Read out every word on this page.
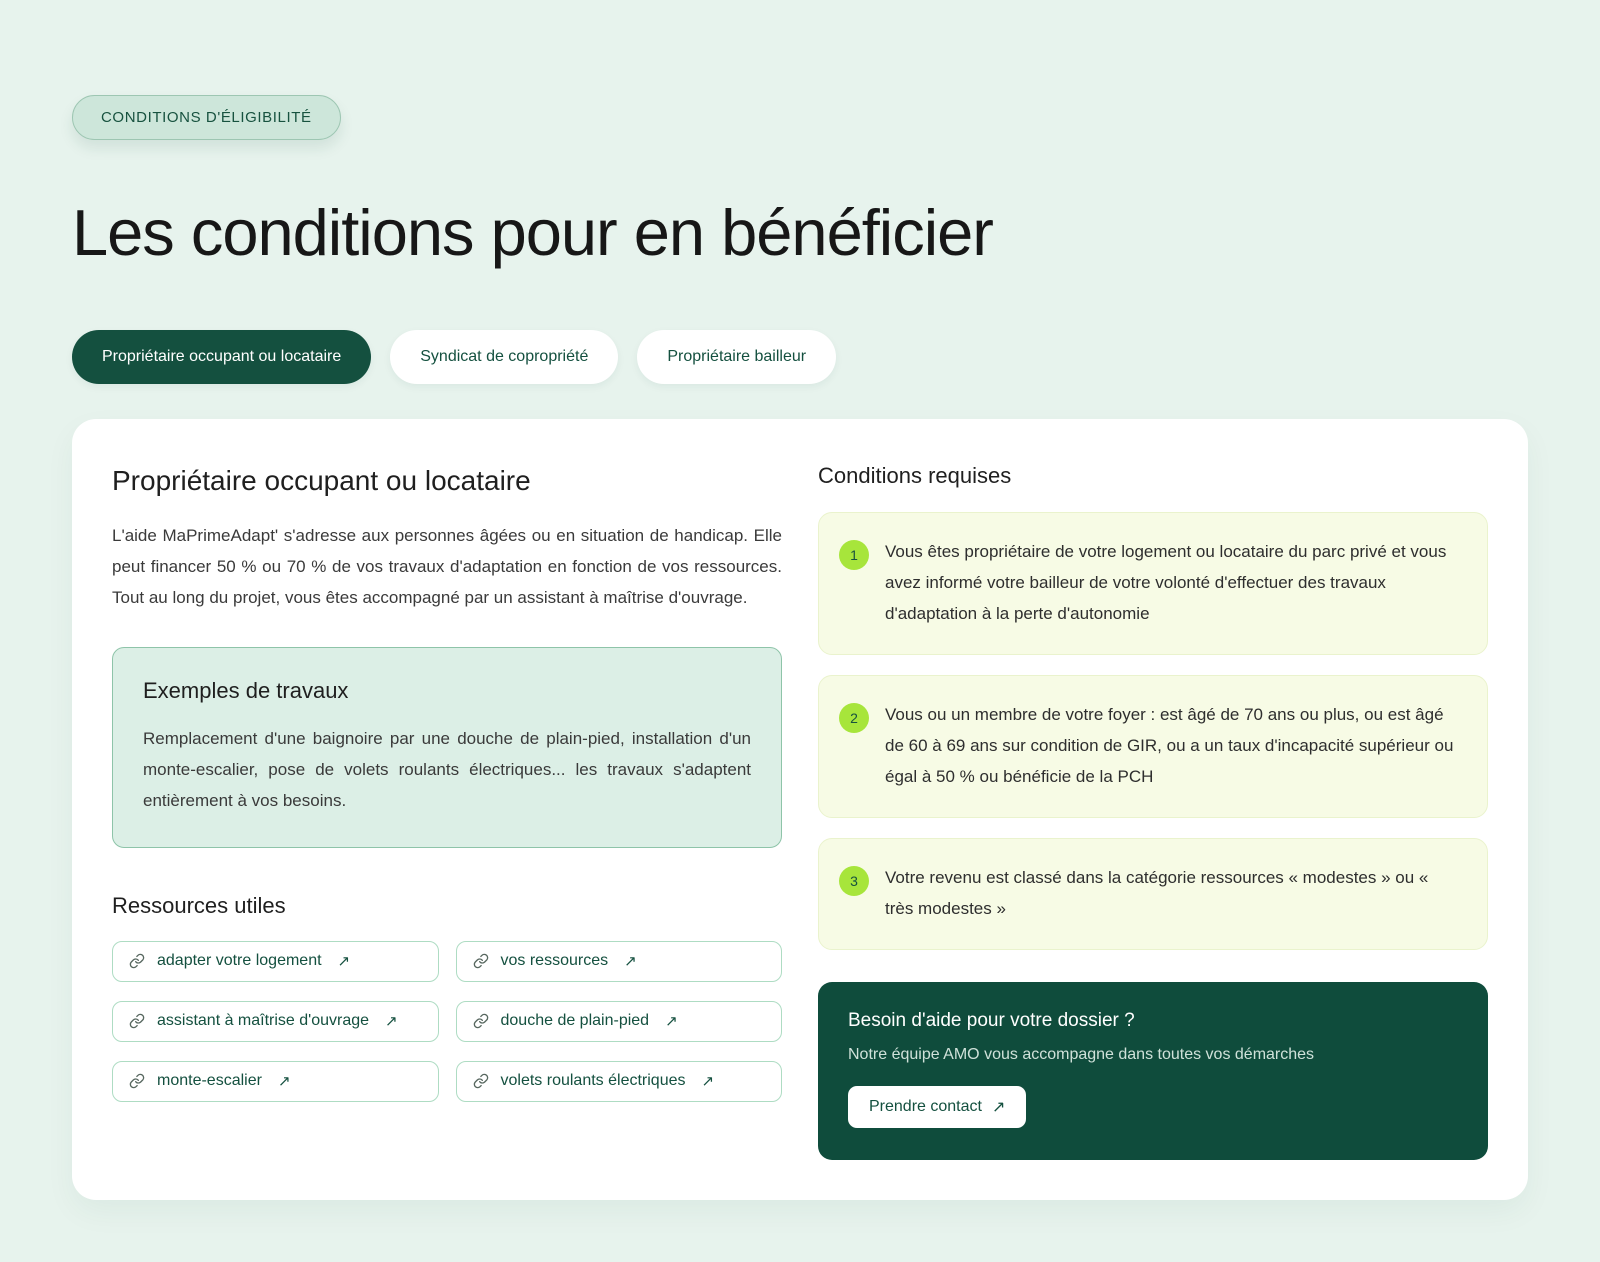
CONDITIONS D'ÉLIGIBILITÉ
Les conditions pour en bénéficier
Propriétaire occupant ou locataire	Syndicat de copropriété	Propriétaire bailleur
Propriétaire occupant ou locataire

L'aide MaPrimeAdapt' s'adresse aux personnes âgées ou en situation de handicap. Elle peut financer 50 % ou 70 % de vos travaux d'adaptation en fonction de vos ressources. Tout au long du projet, vous êtes accompagné par un assistant à maîtrise d'ouvrage.

Exemples de travaux

Remplacement d'une baignoire par une douche de plain-pied, installation d'un monte-escalier, pose de volets roulants électriques... les travaux s'adaptent entièrement à vos besoins.

Ressources utiles
adapter votre logement ↗	vos ressources ↗
assistant à maîtrise d'ouvrage ↗	douche de plain-pied ↗
monte-escalier ↗	volets roulants électriques ↗
Conditions requises
1	Vous êtes propriétaire de votre logement ou locataire du parc privé et vous avez informé votre bailleur de votre volonté d'effectuer des travaux d'adaptation à la perte d'autonomie

2	Vous ou un membre de votre foyer : est âgé de 70 ans ou plus, ou est âgé de 60 à 69 ans sur condition de GIR, ou a un taux d'incapacité supérieur ou égal à 50 % ou bénéficie de la PCH

3	Votre revenu est classé dans la catégorie ressources « modestes » ou « très modestes »

Besoin d'aide pour votre dossier ?
Notre équipe AMO vous accompagne dans toutes vos démarches
Prendre contact ↗
